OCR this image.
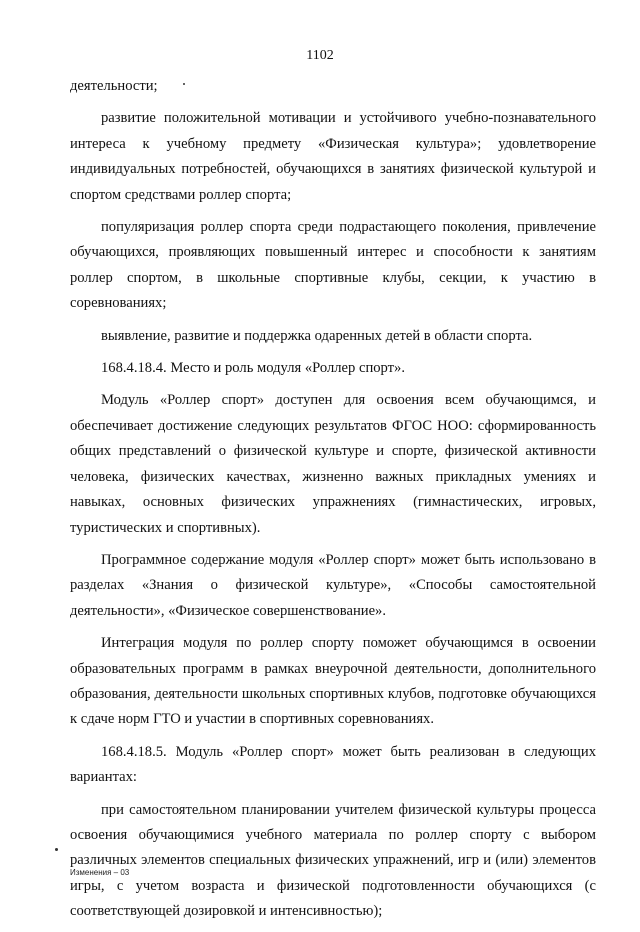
1102

деятельности;

развитие положительной мотивации и устойчивого учебно-познавательного интереса к учебному предмету «Физическая культура»; удовлетворение индивидуальных потребностей, обучающихся в занятиях физической культурой и спортом средствами роллер спорта;

популяризация роллер спорта среди подрастающего поколения, привлечение обучающихся, проявляющих повышенный интерес и способности к занятиям роллер спортом, в школьные спортивные клубы, секции, к участию в соревнованиях;

выявление, развитие и поддержка одаренных детей в области спорта.

168.4.18.4. Место и роль модуля «Роллер спорт».

Модуль «Роллер спорт» доступен для освоения всем обучающимся, и обеспечивает достижение следующих результатов ФГОС НОО: сформированность общих представлений о физической культуре и спорте, физической активности человека, физических качествах, жизненно важных прикладных умениях и навыках, основных физических упражнениях (гимнастических, игровых, туристических и спортивных).

Программное содержание модуля «Роллер спорт» может быть использовано в разделах «Знания о физической культуре», «Способы самостоятельной деятельности», «Физическое совершенствование».

Интеграция модуля по роллер спорту поможет обучающимся в освоении образовательных программ в рамках внеурочной деятельности, дополнительного образования, деятельности школьных спортивных клубов, подготовке обучающихся к сдаче норм ГТО и участии в спортивных соревнованиях.

168.4.18.5. Модуль «Роллер спорт» может быть реализован в следующих вариантах:

при самостоятельном планировании учителем физической культуры процесса освоения обучающимися учебного материала по роллер спорту с выбором различных элементов специальных физических упражнений, игр и (или) элементов игры, с учетом возраста и физической подготовленности обучающихся (с соответствующей дозировкой и интенсивностью);

Изменения – 03
